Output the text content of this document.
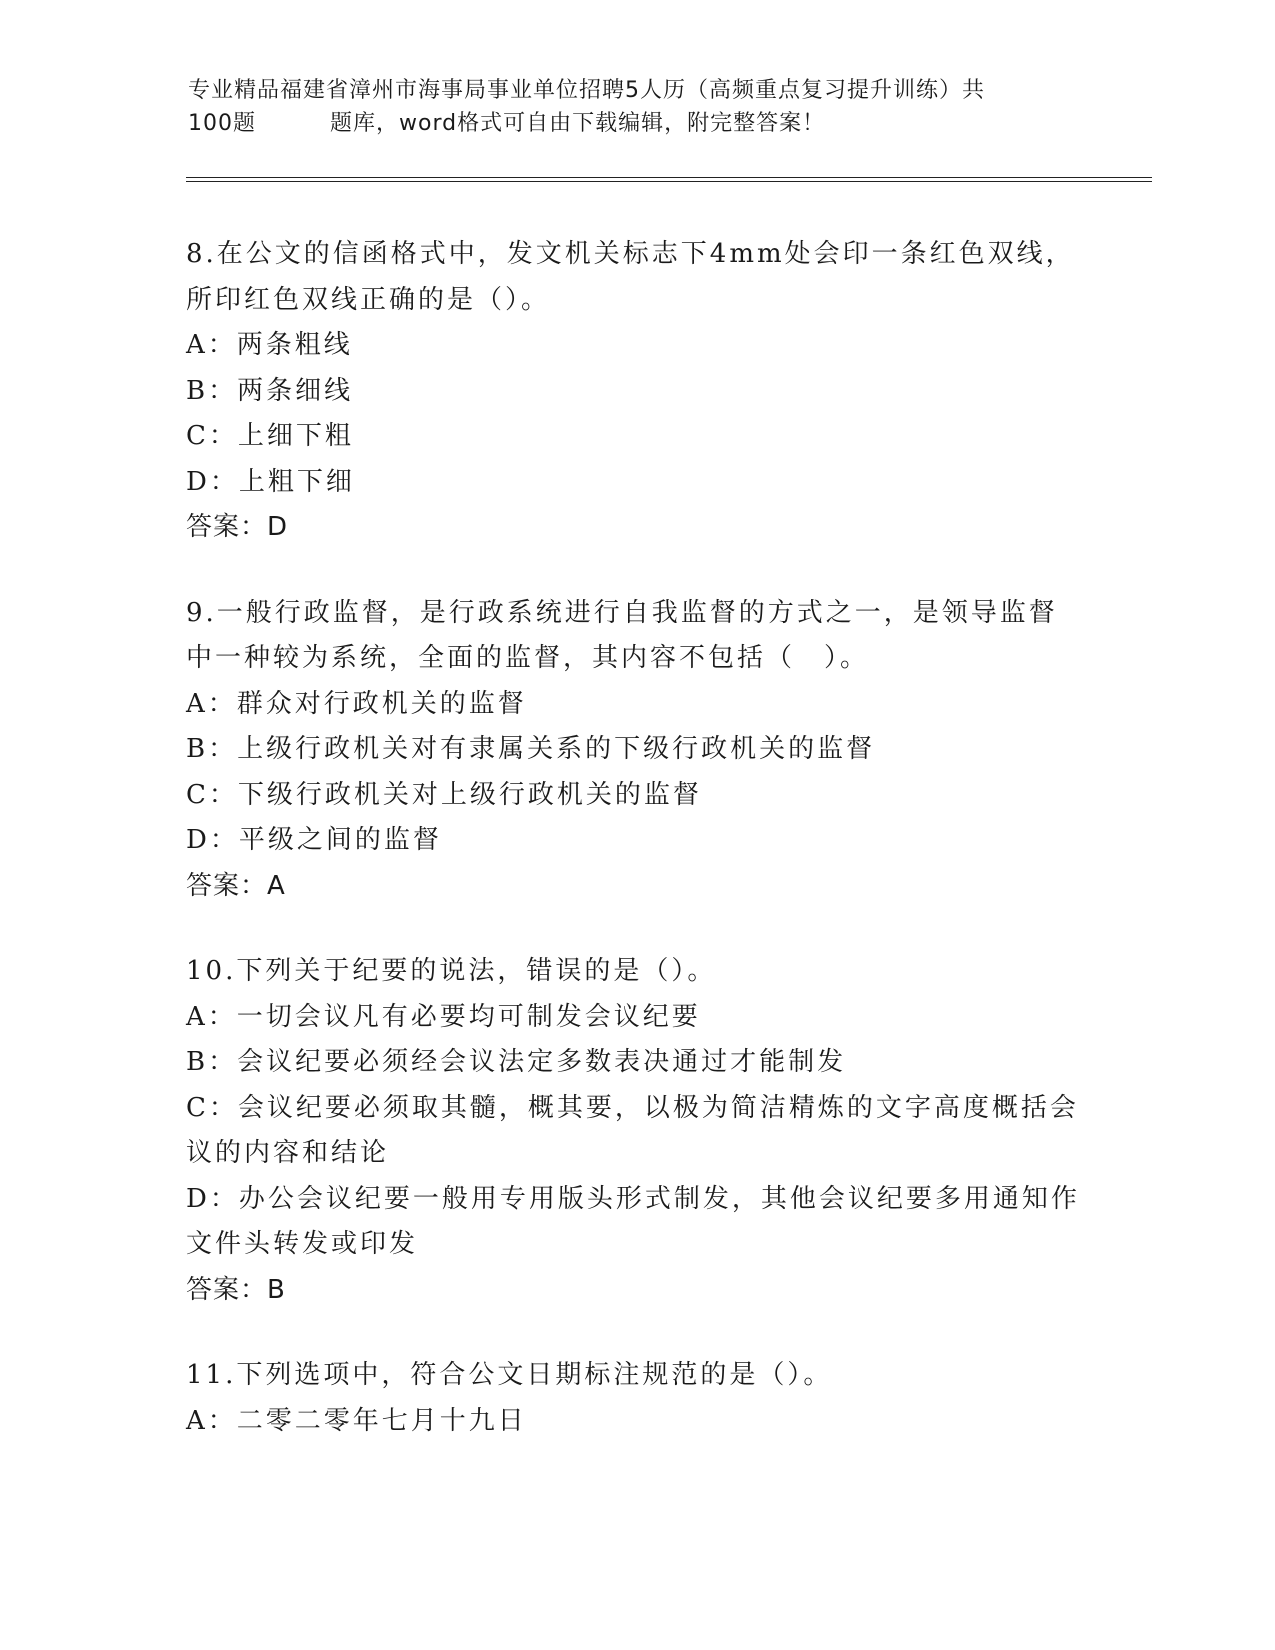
专业精品福建省漳州市海事局事业单位招聘5人历（高频重点复习提升训练）共
100题	题库，word格式可自由下载编辑，附完整答案！
8.在公文的信函格式中，发文机关标志下4mm处会印一条红色双线，
所印红色双线正确的是（）。
A：两条粗线
B：两条细线
C：上细下粗
D：上粗下细
答案：D
9.一般行政监督，是行政系统进行自我监督的方式之一，是领导监督
中一种较为系统，全面的监督，其内容不包括（　）。
A：群众对行政机关的监督
B：上级行政机关对有隶属关系的下级行政机关的监督
C：下级行政机关对上级行政机关的监督
D：平级之间的监督
答案：A
10.下列关于纪要的说法，错误的是（）。
A：一切会议凡有必要均可制发会议纪要
B：会议纪要必须经会议法定多数表决通过才能制发
C：会议纪要必须取其髓，概其要，以极为简洁精炼的文字高度概括会
议的内容和结论
D：办公会议纪要一般用专用版头形式制发，其他会议纪要多用通知作
文件头转发或印发
答案：B
11.下列选项中，符合公文日期标注规范的是（）。
A：二零二零年七月十九日
